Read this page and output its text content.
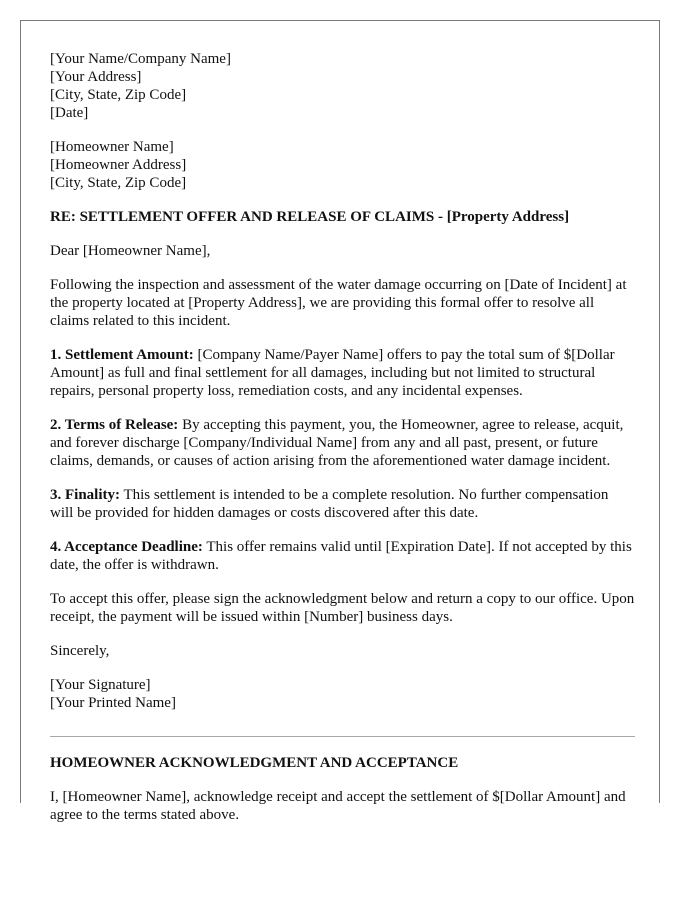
[Your Name/Company Name]
[Your Address]
[City, State, Zip Code]
[Date]
[Homeowner Name]
[Homeowner Address]
[City, State, Zip Code]
RE: SETTLEMENT OFFER AND RELEASE OF CLAIMS - [Property Address]

Dear [Homeowner Name],

Following the inspection and assessment of the water damage occurring on [Date of Incident] at the property located at [Property Address], we are providing this formal offer to resolve all claims related to this incident.

1. Settlement Amount: [Company Name/Payer Name] offers to pay the total sum of $[Dollar Amount] as full and final settlement for all damages, including but not limited to structural repairs, personal property loss, remediation costs, and any incidental expenses.

2. Terms of Release: By accepting this payment, you, the Homeowner, agree to release, acquit, and forever discharge [Company/Individual Name] from any and all past, present, or future claims, demands, or causes of action arising from the aforementioned water damage incident.

3. Finality: This settlement is intended to be a complete resolution. No further compensation will be provided for hidden damages or costs discovered after this date.

4. Acceptance Deadline: This offer remains valid until [Expiration Date]. If not accepted by this date, the offer is withdrawn.

To accept this offer, please sign the acknowledgment below and return a copy to our office. Upon receipt, the payment will be issued within [Number] business days.

Sincerely,

[Your Signature]
[Your Printed Name]
HOMEOWNER ACKNOWLEDGMENT AND ACCEPTANCE

I, [Homeowner Name], acknowledge receipt and accept the settlement of $[Dollar Amount] and agree to the terms stated above.
